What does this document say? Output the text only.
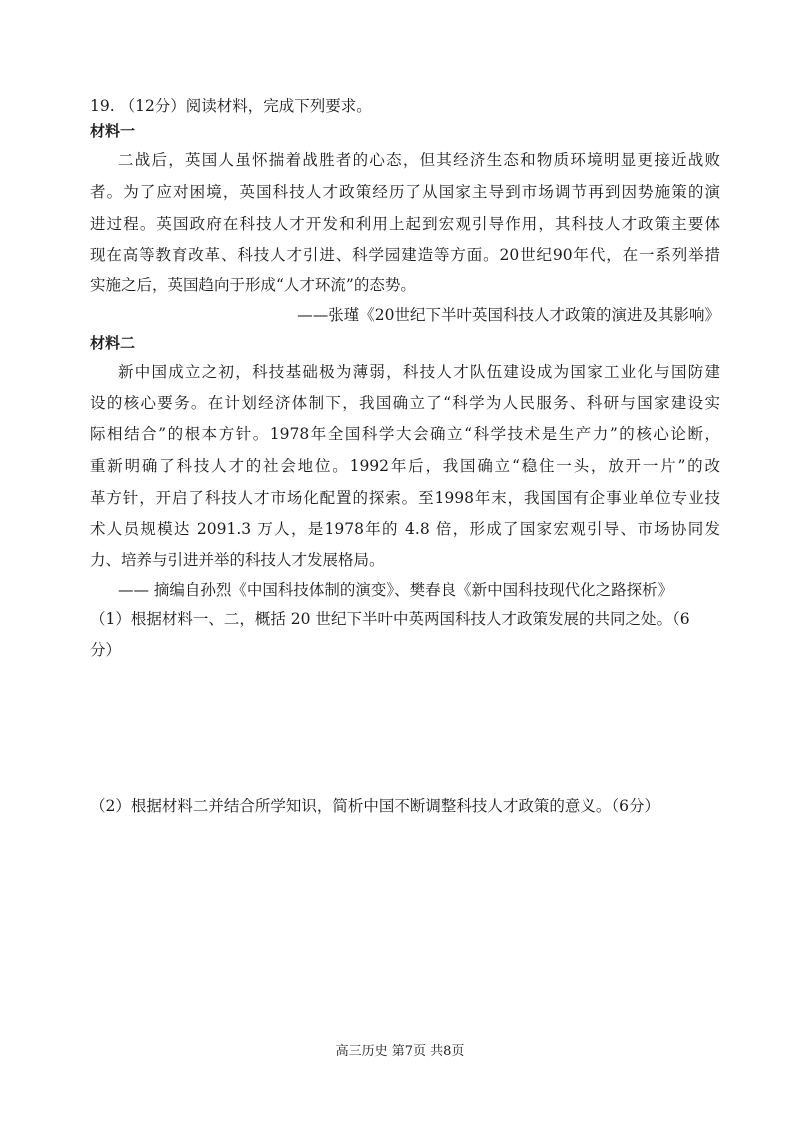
19. （12分）阅读材料，完成下列要求。
材料一
二战后，英国人虽怀揣着战胜者的心态，但其经济生态和物质环境明显更接近战败
者。为了应对困境，英国科技人才政策经历了从国家主导到市场调节再到因势施策的演
进过程。英国政府在科技人才开发和利用上起到宏观引导作用，其科技人才政策主要体
现在高等教育改革、科技人才引进、科学园建造等方面。20世纪90年代，在一系列举措
实施之后，英国趋向于形成“人才环流”的态势。
——张瑾《20世纪下半叶英国科技人才政策的演进及其影响》
材料二
新中国成立之初，科技基础极为薄弱，科技人才队伍建设成为国家工业化与国防建
设的核心要务。在计划经济体制下，我国确立了“科学为人民服务、科研与国家建设实
际相结合”的根本方针。1978年全国科学大会确立“科学技术是生产力”的核心论断，
重新明确了科技人才的社会地位。1992年后，我国确立“稳住一头，放开一片”的改
革方针，开启了科技人才市场化配置的探索。至1998年末，我国国有企事业单位专业技
术人员规模达 2091.3 万人，是1978年的 4.8 倍，形成了国家宏观引导、市场协同发
力、培养与引进并举的科技人才发展格局。
—— 摘编自孙烈《中国科技体制的演变》、樊春良《新中国科技现代化之路探析》
（1）根据材料一、二，概括 20 世纪下半叶中英两国科技人才政策发展的共同之处。（6
分）
（2）根据材料二并结合所学知识，简析中国不断调整科技人才政策的意义。（6分）
高三历史 第7页 共8页
